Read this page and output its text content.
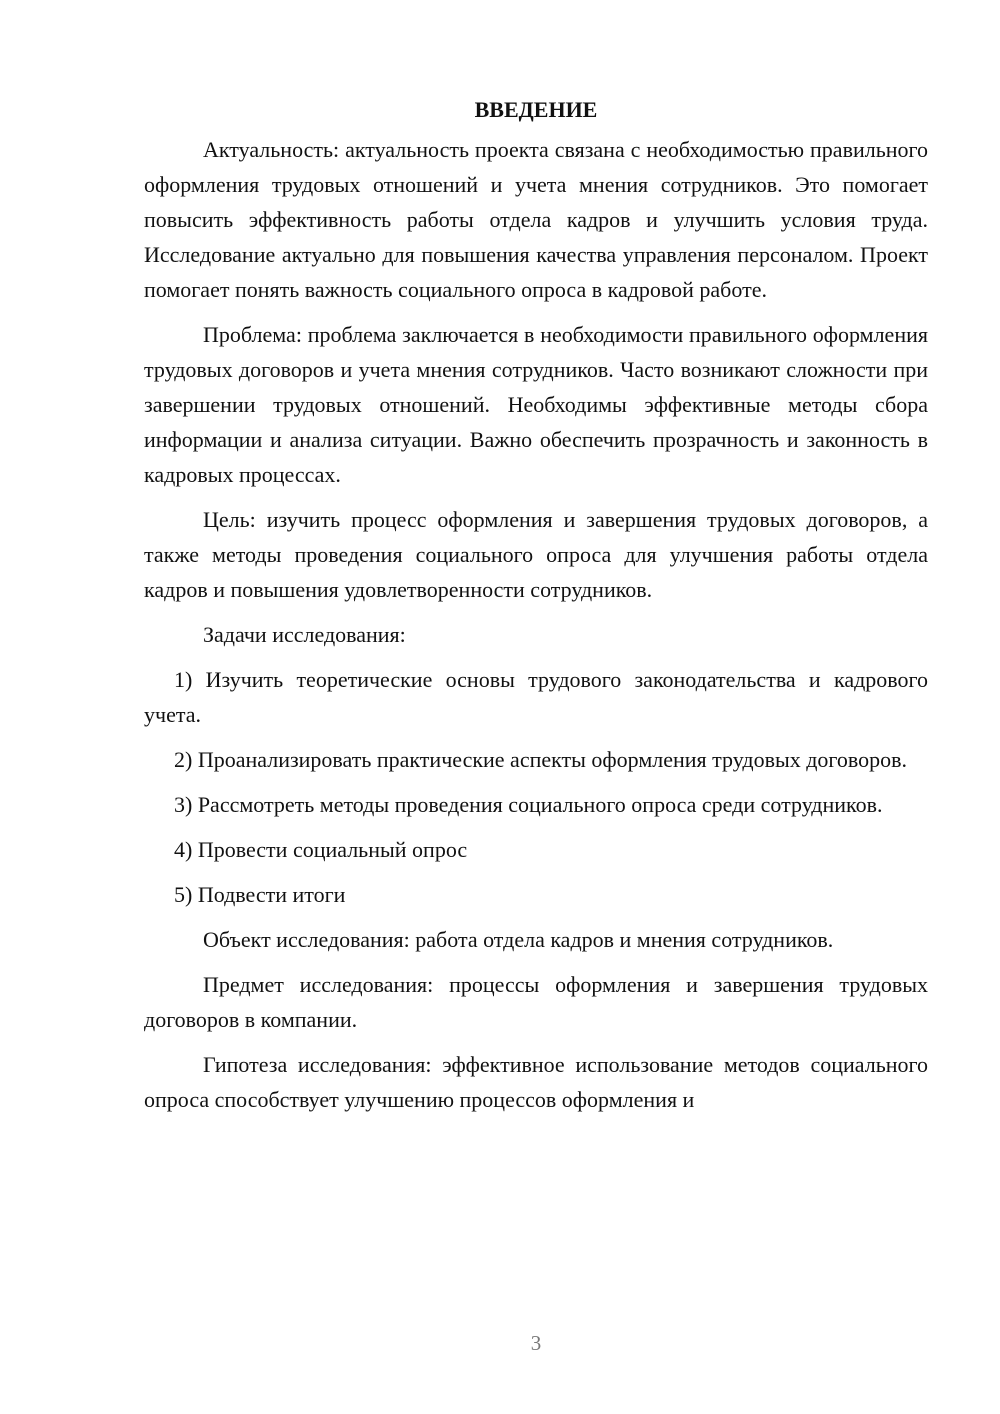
ВВЕДЕНИЕ

Актуальность: актуальность проекта связана с необходимостью правильного оформления трудовых отношений и учета мнения сотрудников. Это помогает повысить эффективность работы отдела кадров и улучшить условия труда. Исследование актуально для повышения качества управления персоналом. Проект помогает понять важность социального опроса в кадровой работе.

Проблема: проблема заключается в необходимости правильного оформления трудовых договоров и учета мнения сотрудников. Часто возникают сложности при завершении трудовых отношений. Необходимы эффективные методы сбора информации и анализа ситуации. Важно обеспечить прозрачность и законность в кадровых процессах.

Цель: изучить процесс оформления и завершения трудовых договоров, а также методы проведения социального опроса для улучшения работы отдела кадров и повышения удовлетворенности сотрудников.

Задачи исследования:

1) Изучить теоретические основы трудового законодательства и кадрового учета.

2) Проанализировать практические аспекты оформления трудовых договоров.

3) Рассмотреть методы проведения социального опроса среди сотрудников.

4) Провести социальный опрос

5) Подвести итоги

Объект исследования: работа отдела кадров и мнения сотрудников.

Предмет исследования: процессы оформления и завершения трудовых договоров в компании.

Гипотеза исследования: эффективное использование методов социального опроса способствует улучшению процессов оформления и

3
